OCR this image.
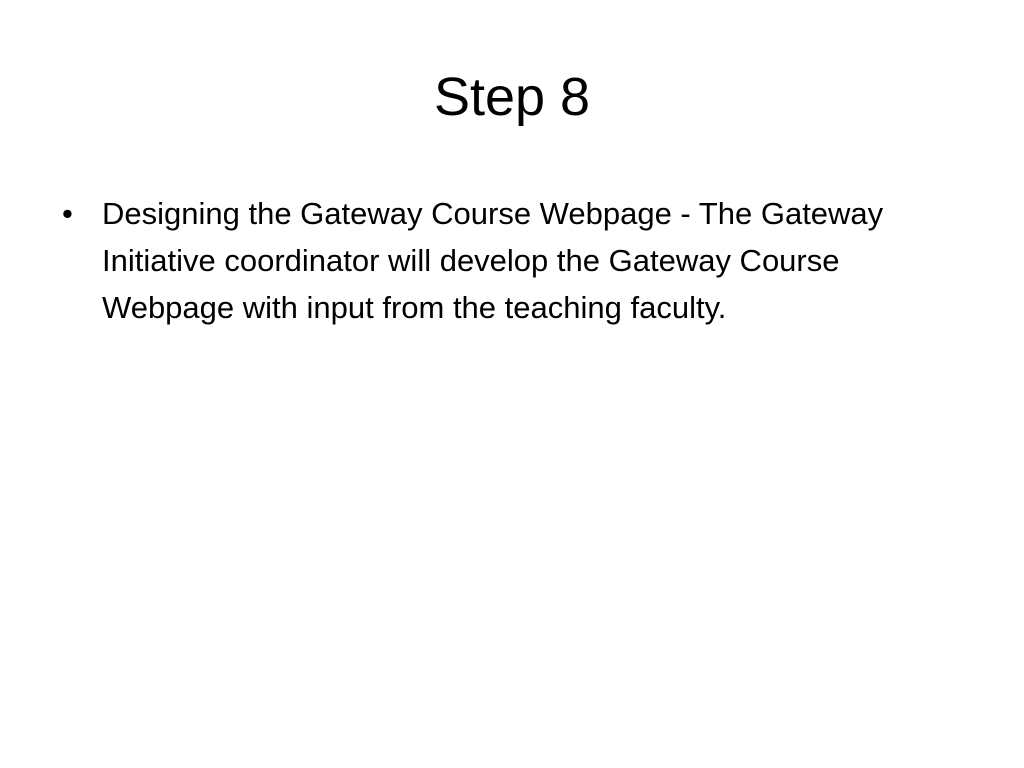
Step 8
• Designing the Gateway Course Webpage - The Gateway Initiative coordinator will develop the Gateway Course Webpage with input from the teaching faculty.
